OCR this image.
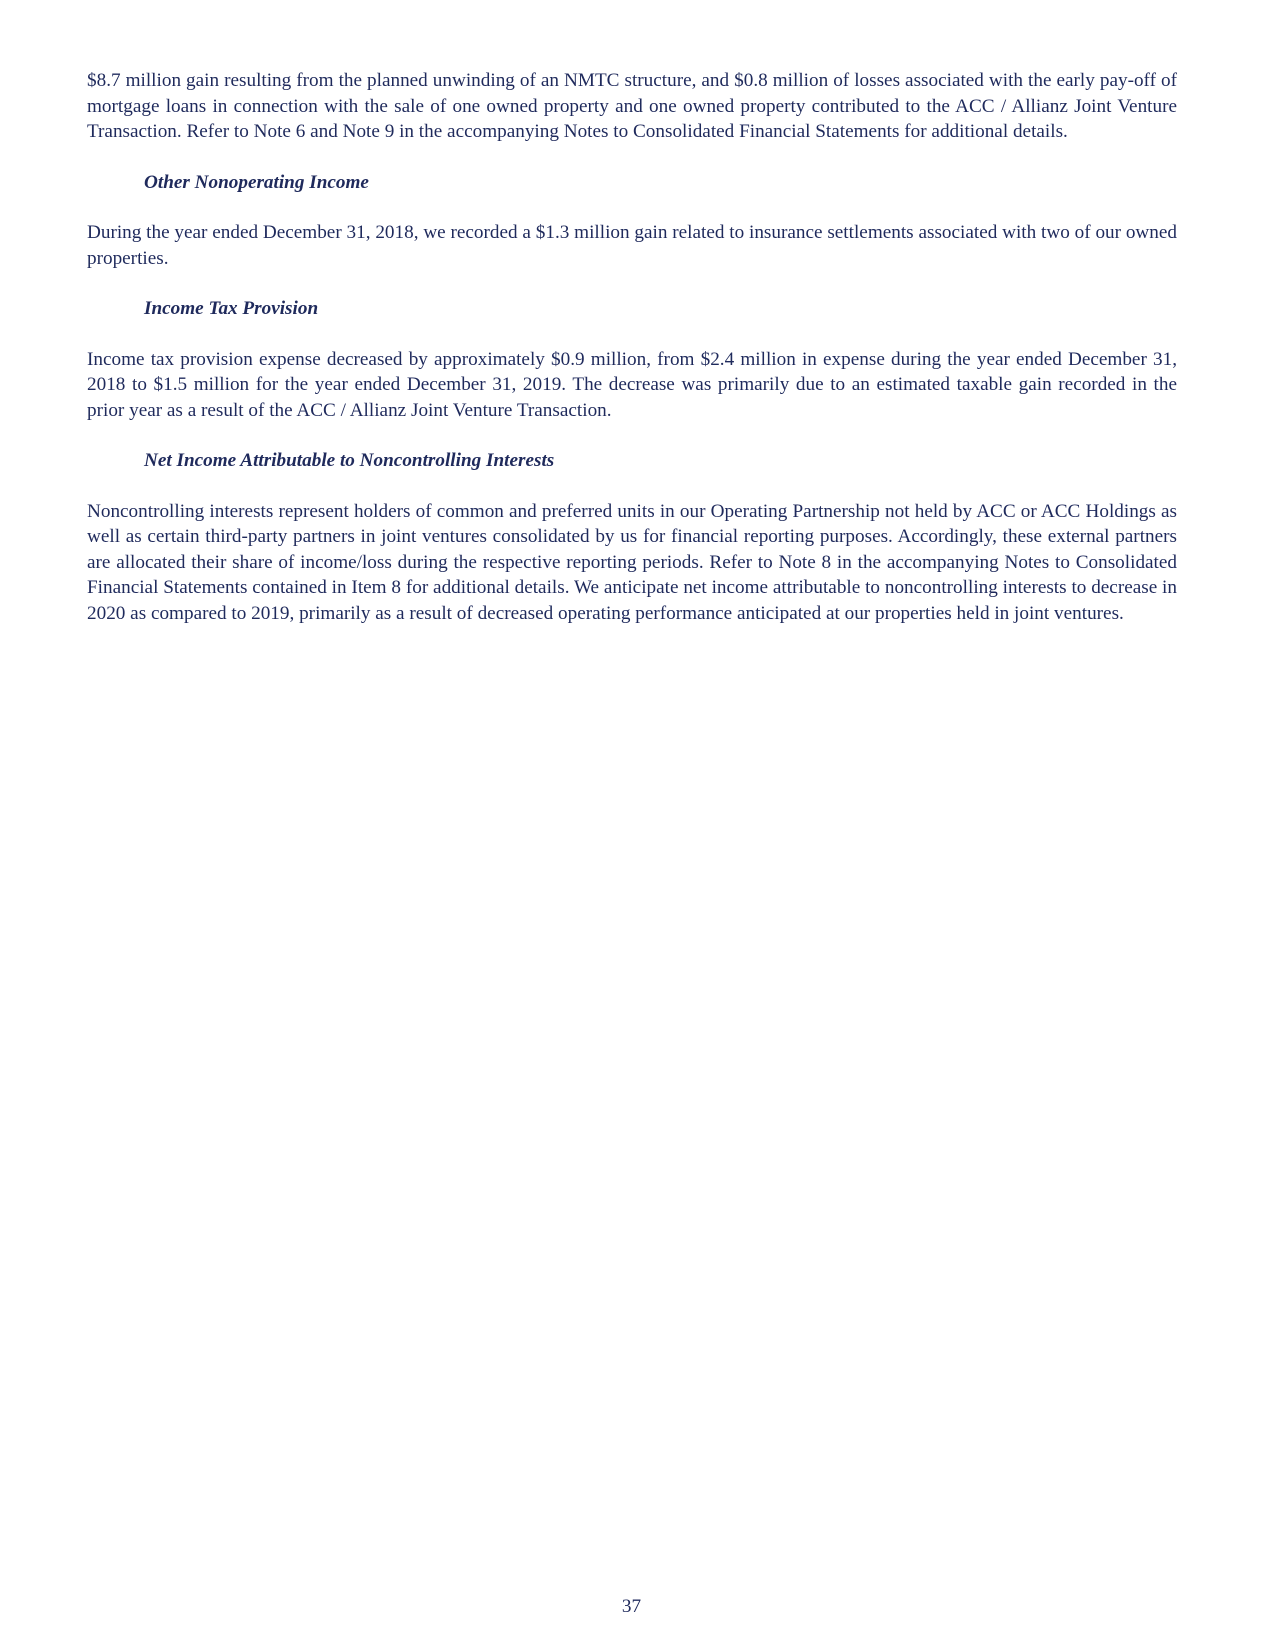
$8.7 million gain resulting from the planned unwinding of an NMTC structure, and $0.8 million of losses associated with the early pay-off of mortgage loans in connection with the sale of one owned property and one owned property contributed to the ACC / Allianz Joint Venture Transaction. Refer to Note 6 and Note 9 in the accompanying Notes to Consolidated Financial Statements for additional details.

Other Nonoperating Income

During the year ended December 31, 2018, we recorded a $1.3 million gain related to insurance settlements associated with two of our owned properties.

Income Tax Provision

Income tax provision expense decreased by approximately $0.9 million, from $2.4 million in expense during the year ended December 31, 2018 to $1.5 million for the year ended December 31, 2019. The decrease was primarily due to an estimated taxable gain recorded in the prior year as a result of the ACC / Allianz Joint Venture Transaction.

Net Income Attributable to Noncontrolling Interests

Noncontrolling interests represent holders of common and preferred units in our Operating Partnership not held by ACC or ACC Holdings as well as certain third-party partners in joint ventures consolidated by us for financial reporting purposes. Accordingly, these external partners are allocated their share of income/loss during the respective reporting periods. Refer to Note 8 in the accompanying Notes to Consolidated Financial Statements contained in Item 8 for additional details. We anticipate net income attributable to noncontrolling interests to decrease in 2020 as compared to 2019, primarily as a result of decreased operating performance anticipated at our properties held in joint ventures.

37
